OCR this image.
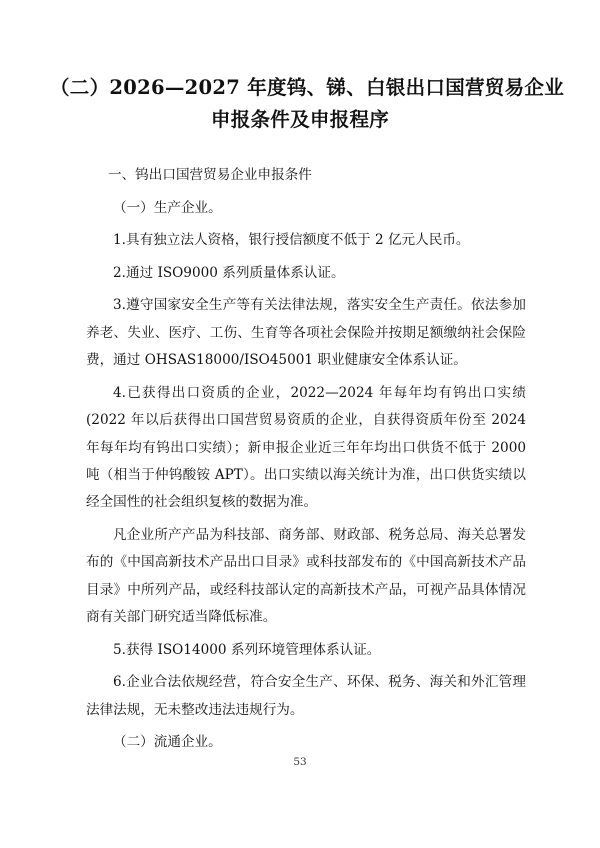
（二）2026—2027 年度钨、锑、白银出口国营贸易企业
申报条件及申报程序

一、钨出口国营贸易企业申报条件

（一）生产企业。

1.具有独立法人资格，银行授信额度不低于 2 亿元人民币。

2.通过 ISO9000 系列质量体系认证。

3.遵守国家安全生产等有关法律法规，落实安全生产责任。依法参加养老、失业、医疗、工伤、生育等各项社会保险并按期足额缴纳社会保险费，通过 OHSAS18000/ISO45001 职业健康安全体系认证。

4.已获得出口资质的企业，2022—2024 年每年均有钨出口实绩(2022 年以后获得出口国营贸易资质的企业，自获得资质年份至 2024 年每年均有钨出口实绩）；新申报企业近三年年均出口供货不低于 2000 吨（相当于仲钨酸铵 APT）。出口实绩以海关统计为准，出口供货实绩以经全国性的社会组织复核的数据为准。

凡企业所产产品为科技部、商务部、财政部、税务总局、海关总署发布的《中国高新技术产品出口目录》或科技部发布的《中国高新技术产品目录》中所列产品，或经科技部认定的高新技术产品，可视产品具体情况商有关部门研究适当降低标准。

5.获得 ISO14000 系列环境管理体系认证。

6.企业合法依规经营，符合安全生产、环保、税务、海关和外汇管理法律法规，无未整改违法违规行为。

（二）流通企业。

53
